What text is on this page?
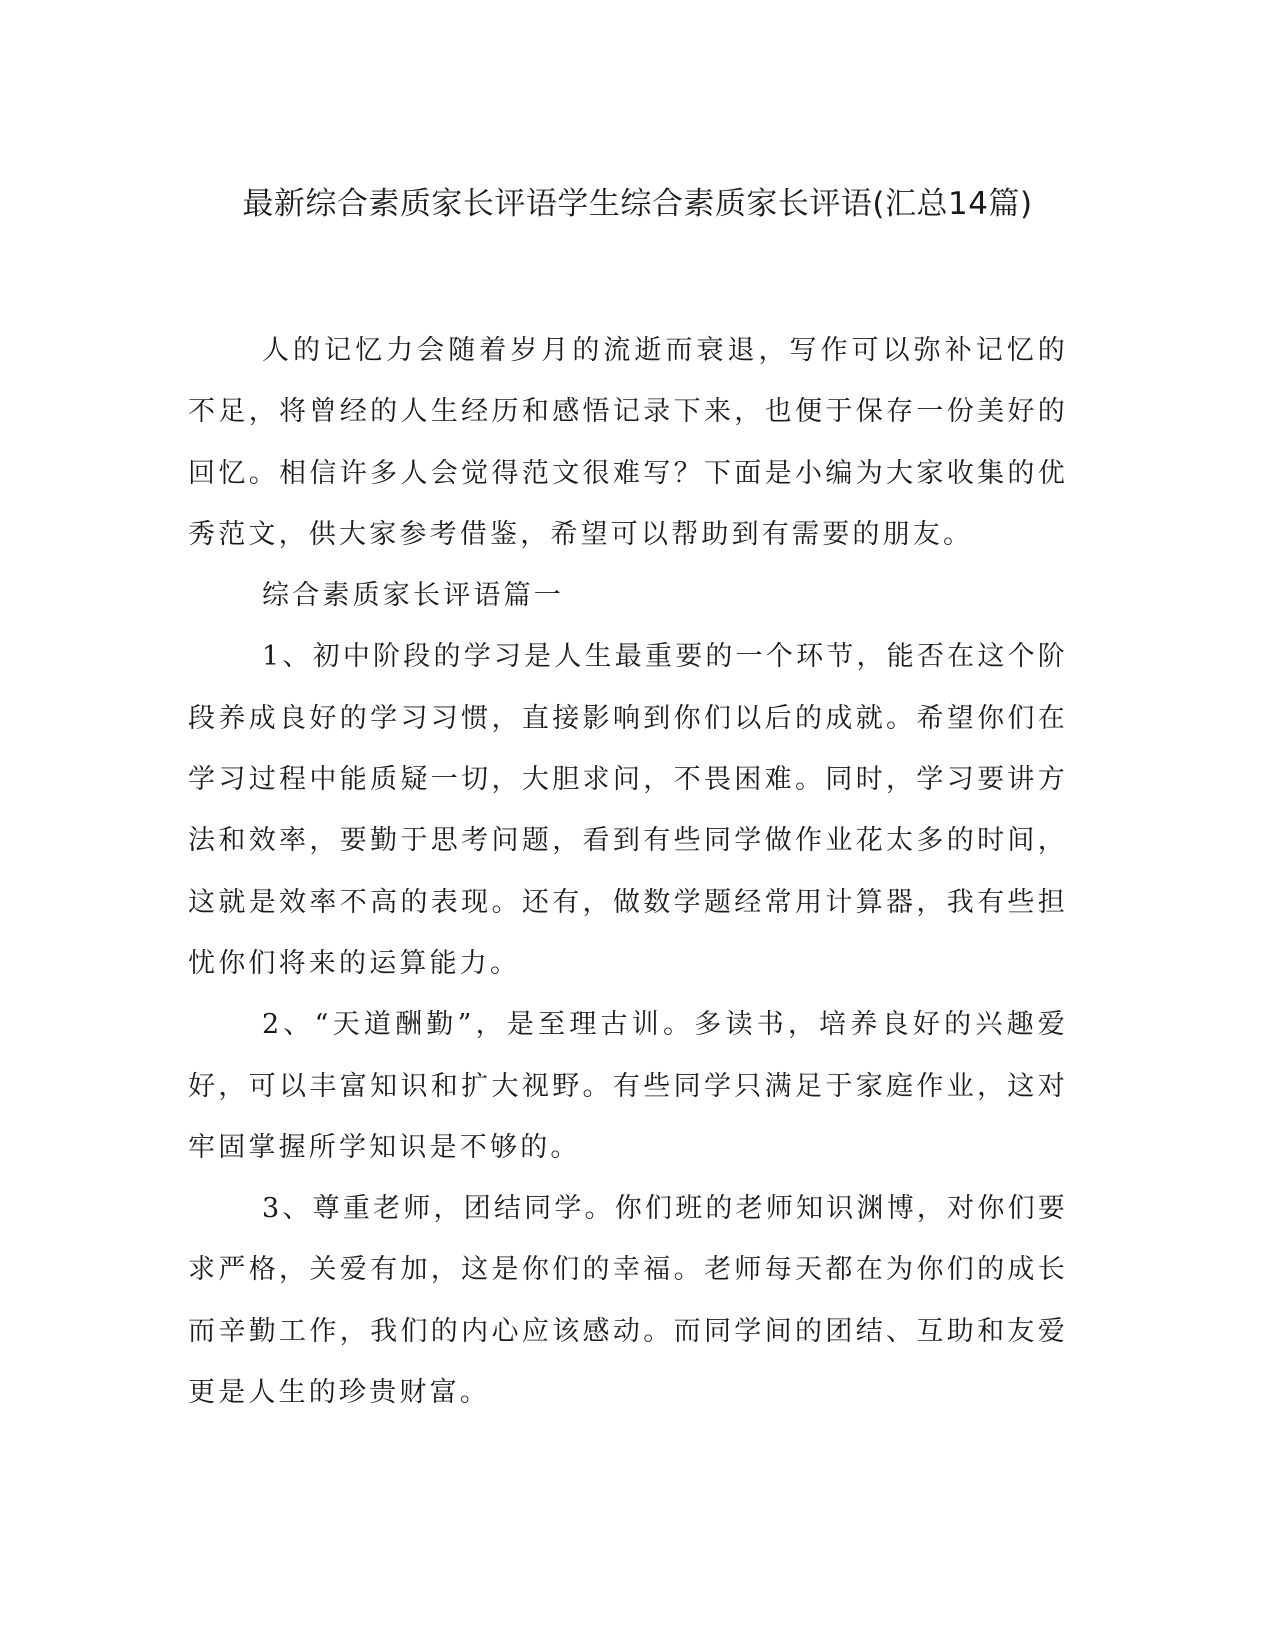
最新综合素质家长评语学生综合素质家长评语(汇总14篇)

人的记忆力会随着岁月的流逝而衰退，写作可以弥补记忆的不足，将曾经的人生经历和感悟记录下来，也便于保存一份美好的回忆。相信许多人会觉得范文很难写？下面是小编为大家收集的优秀范文，供大家参考借鉴，希望可以帮助到有需要的朋友。

综合素质家长评语篇一

1、初中阶段的学习是人生最重要的一个环节，能否在这个阶段养成良好的学习习惯，直接影响到你们以后的成就。希望你们在学习过程中能质疑一切，大胆求问，不畏困难。同时，学习要讲方法和效率，要勤于思考问题，看到有些同学做作业花太多的时间，这就是效率不高的表现。还有，做数学题经常用计算器，我有些担忧你们将来的运算能力。

2、“天道酬勤”，是至理古训。多读书，培养良好的兴趣爱好，可以丰富知识和扩大视野。有些同学只满足于家庭作业，这对牢固掌握所学知识是不够的。

3、尊重老师，团结同学。你们班的老师知识渊博，对你们要求严格，关爱有加，这是你们的幸福。老师每天都在为你们的成长而辛勤工作，我们的内心应该感动。而同学间的团结、互助和友爱更是人生的珍贵财富。
